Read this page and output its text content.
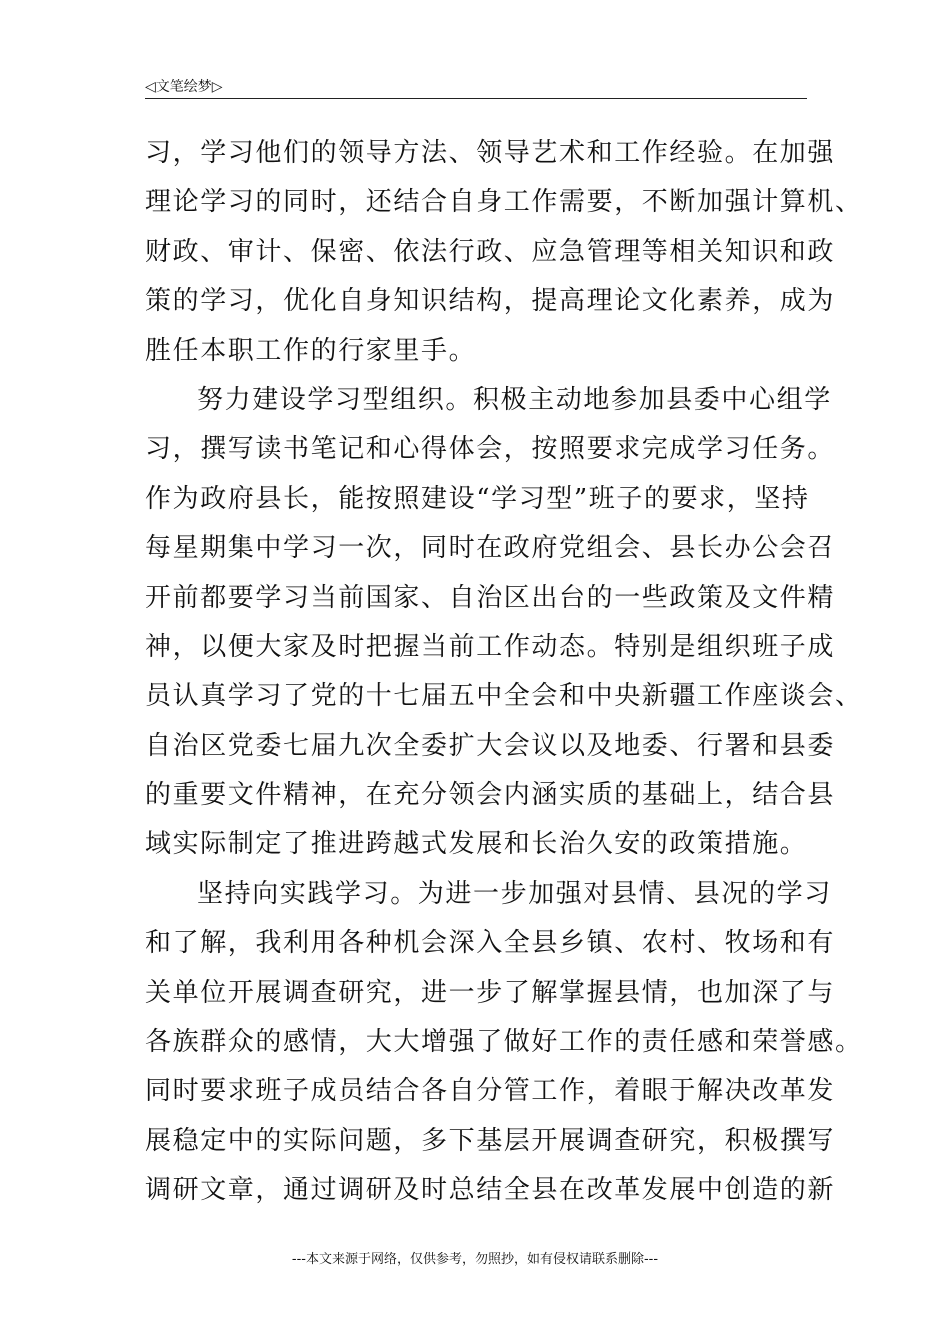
◁文笔绘梦▷
习，学习他们的领导方法、领导艺术和工作经验。在加强
理论学习的同时，还结合自身工作需要，不断加强计算机、
财政、审计、保密、依法行政、应急管理等相关知识和政
策的学习，优化自身知识结构，提高理论文化素养，成为
胜任本职工作的行家里手。
努力建设学习型组织。积极主动地参加县委中心组学
习，撰写读书笔记和心得体会，按照要求完成学习任务。
作为政府县长，能按照建设“学习型”班子的要求，坚持
每星期集中学习一次，同时在政府党组会、县长办公会召
开前都要学习当前国家、自治区出台的一些政策及文件精
神，以便大家及时把握当前工作动态。特别是组织班子成
员认真学习了党的十七届五中全会和中央新疆工作座谈会、
自治区党委七届九次全委扩大会议以及地委、行署和县委
的重要文件精神，在充分领会内涵实质的基础上，结合县
域实际制定了推进跨越式发展和长治久安的政策措施。
坚持向实践学习。为进一步加强对县情、县况的学习
和了解，我利用各种机会深入全县乡镇、农村、牧场和有
关单位开展调查研究，进一步了解掌握县情，也加深了与
各族群众的感情，大大增强了做好工作的责任感和荣誉感。
同时要求班子成员结合各自分管工作，着眼于解决改革发
展稳定中的实际问题，多下基层开展调查研究，积极撰写
调研文章，通过调研及时总结全县在改革发展中创造的新
---本文来源于网络，仅供参考，勿照抄，如有侵权请联系删除---
